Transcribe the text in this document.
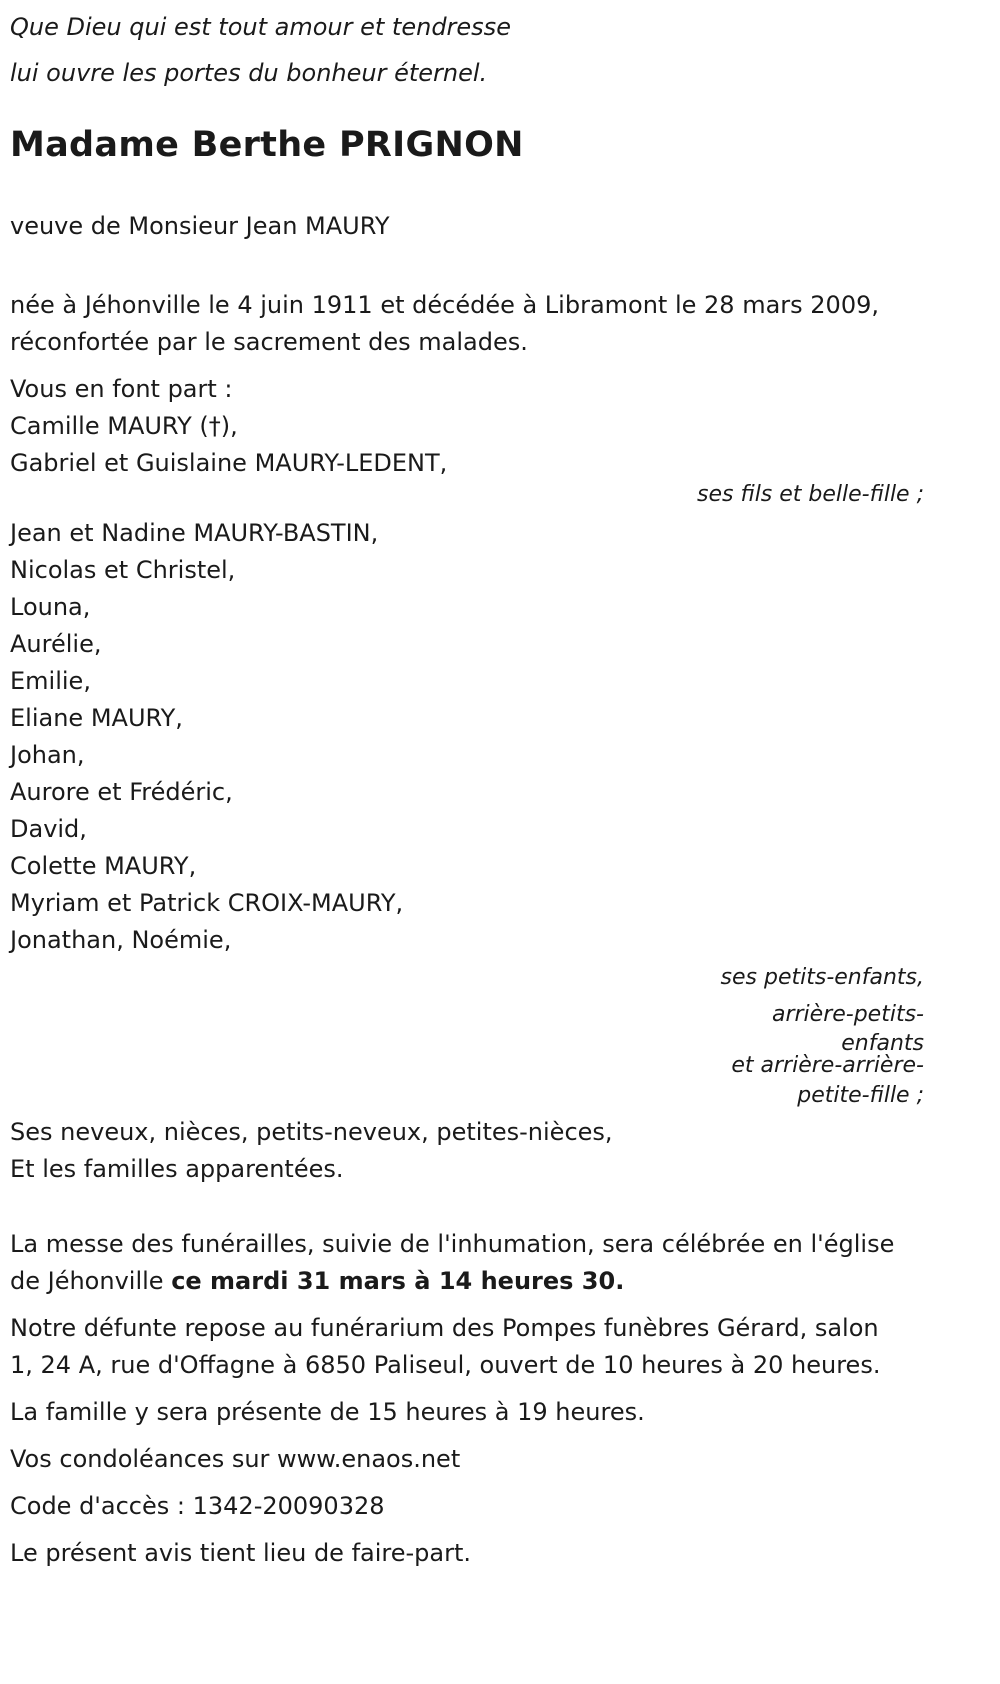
Que Dieu qui est tout amour et tendresse
lui ouvre les portes du bonheur éternel.
Madame Berthe PRIGNON

veuve de Monsieur Jean MAURY

née à Jéhonville le 4 juin 1911 et décédée à Libramont le 28 mars 2009,
réconfortée par le sacrement des malades.
Vous en font part :
Camille MAURY (†),
Gabriel et Guislaine MAURY-LEDENT,

ses fils et belle-fille ;

Jean et Nadine MAURY-BASTIN,
Nicolas et Christel,
Louna,
Aurélie,
Emilie,
Eliane MAURY,
Johan,
Aurore et Frédéric,
David,
Colette MAURY,
Myriam et Patrick CROIX-MAURY,
Jonathan, Noémie,
ses petits-enfants,
arrière-petits-
enfants
et arrière-arrière-
petite-fille ;
Ses neveux, nièces, petits-neveux, petites-nièces,
Et les familles apparentées.
La messe des funérailles, suivie de l'inhumation, sera célébrée en l'église
de Jéhonville ce mardi 31 mars à 14 heures 30.
Notre défunte repose au funérarium des Pompes funèbres Gérard, salon
1, 24 A, rue d'Offagne à 6850 Paliseul, ouvert de 10 heures à 20 heures.

La famille y sera présente de 15 heures à 19 heures.

Vos condoléances sur www.enaos.net

Code d'accès : 1342-20090328

Le présent avis tient lieu de faire-part.
